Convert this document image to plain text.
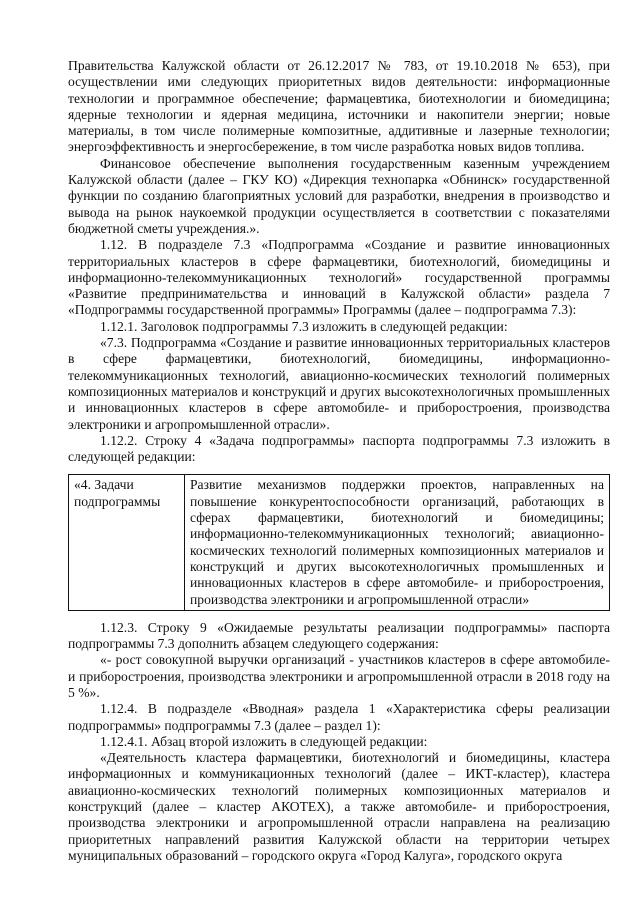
Правительства Калужской области от 26.12.2017 № 783, от 19.10.2018 № 653), при осуществлении ими следующих приоритетных видов деятельности: информационные технологии и программное обеспечение; фармацевтика, биотехнологии и биомедицина; ядерные технологии и ядерная медицина, источники и накопители энергии; новые материалы, в том числе полимерные композитные, аддитивные и лазерные технологии; энергоэффективность и энергосбережение, в том числе разработка новых видов топлива.

Финансовое обеспечение выполнения государственным казенным учреждением Калужской области (далее – ГКУ КО) «Дирекция технопарка «Обнинск» государственной функции по созданию благоприятных условий для разработки, внедрения в производство и вывода на рынок наукоемкой продукции осуществляется в соответствии с показателями бюджетной сметы учреждения.».

1.12. В подразделе 7.3 «Подпрограмма «Создание и развитие инновационных территориальных кластеров в сфере фармацевтики, биотехнологий, биомедицины и информационно-телекоммуникационных технологий» государственной программы «Развитие предпринимательства и инноваций в Калужской области» раздела 7 «Подпрограммы государственной программы» Программы (далее – подпрограмма 7.3):

1.12.1. Заголовок подпрограммы 7.3 изложить в следующей редакции:

«7.3. Подпрограмма «Создание и развитие инновационных территориальных кластеров в сфере фармацевтики, биотехнологий, биомедицины, информационно-телекоммуникационных технологий, авиационно-космических технологий полимерных композиционных материалов и конструкций и других высокотехнологичных промышленных и инновационных кластеров в сфере автомобиле- и приборостроения, производства электроники и агропромышленной отрасли».

1.12.2. Строку 4 «Задача подпрограммы» паспорта подпрограммы 7.3 изложить в следующей редакции:

«4. Задачи подпрограммы	Развитие механизмов поддержки проектов, направленных на повышение конкурентоспособности организаций, работающих в сферах фармацевтики, биотехнологий и биомедицины; информационно-телекоммуникационных технологий; авиационно-космических технологий полимерных композиционных материалов и конструкций и других высокотехнологичных промышленных и инновационных кластеров в сфере автомобиле- и приборостроения, производства электроники и агропромышленной отрасли»

1.12.3. Строку 9 «Ожидаемые результаты реализации подпрограммы» паспорта подпрограммы 7.3 дополнить абзацем следующего содержания:

«- рост совокупной выручки организаций - участников кластеров в сфере автомобиле- и приборостроения, производства электроники и агропромышленной отрасли в 2018 году на 5 %».

1.12.4. В подразделе «Вводная» раздела 1 «Характеристика сферы реализации подпрограммы» подпрограммы 7.3 (далее – раздел 1):

1.12.4.1. Абзац второй изложить в следующей редакции:

«Деятельность кластера фармацевтики, биотехнологий и биомедицины, кластера информационных и коммуникационных технологий (далее – ИКТ-кластер), кластера авиационно-космических технологий полимерных композиционных материалов и конструкций (далее – кластер АКОТЕХ), а также автомобиле- и приборостроения, производства электроники и агропромышленной отрасли направлена на реализацию приоритетных направлений развития Калужской области на территории четырех муниципальных образований – городского округа «Город Калуга», городского округа
